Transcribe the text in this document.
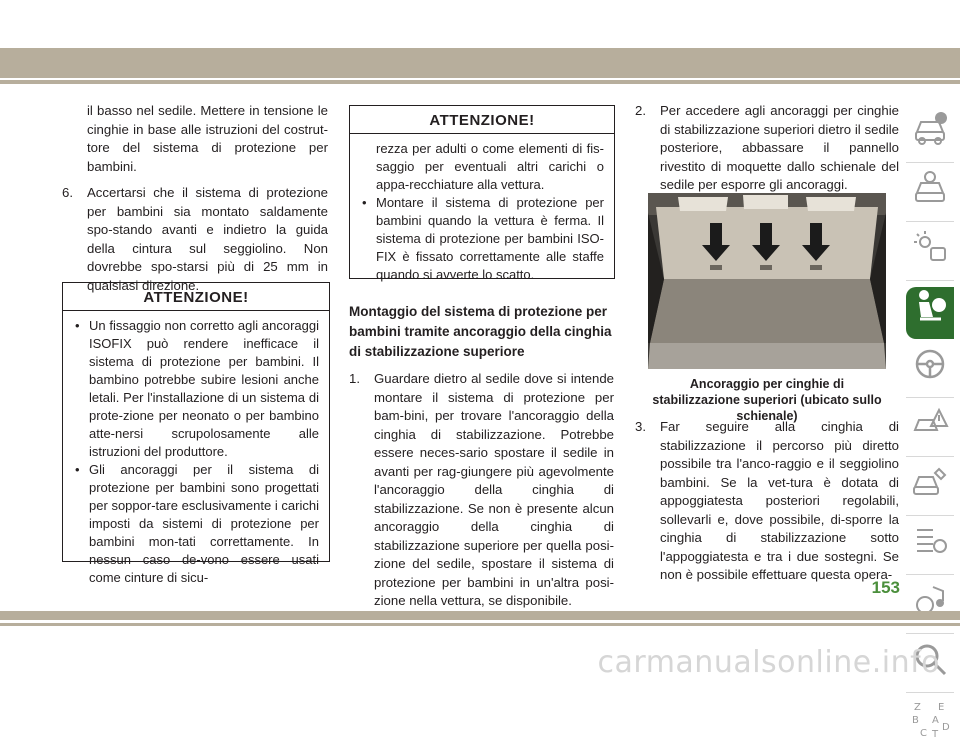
il basso nel sedile. Mettere in tensione le cinghie in base alle istruzioni del costrut-tore del sistema di protezione per bambini.

6. Accertarsi che il sistema di protezione per bambini sia montato saldamente spo-stando avanti e indietro la guida della cintura sul seggiolino. Non dovrebbe spo-starsi più di 25 mm in qualsiasi direzione.
ATTENZIONE!
• Un fissaggio non corretto agli ancoraggi ISOFIX può rendere inefficace il sistema di protezione per bambini. Il bambino potrebbe subire lesioni anche letali. Per l'installazione di un sistema di prote-zione per neonato o per bambino atte-nersi scrupolosamente alle istruzioni del produttore.
• Gli ancoraggi per il sistema di protezione per bambini sono progettati per soppor-tare esclusivamente i carichi imposti da sistemi di protezione per bambini mon-tati correttamente. In nessun caso de-vono essere usati come cinture di sicu-
ATTENZIONE!
rezza per adulti o come elementi di fis-saggio per eventuali altri carichi o appa-recchiature alla vettura.
• Montare il sistema di protezione per bambini quando la vettura è ferma. Il sistema di protezione per bambini ISO-FIX è fissato correttamente alle staffe quando si avverte lo scatto.

Montaggio del sistema di protezione per bambini tramite ancoraggio della cinghia di stabilizzazione superiore

1. Guardare dietro al sedile dove si intende montare il sistema di protezione per bam-bini, per trovare l'ancoraggio della cinghia di stabilizzazione. Potrebbe essere neces-sario spostare il sedile in avanti per rag-giungere più agevolmente l'ancoraggio della cinghia di stabilizzazione. Se non è presente alcun ancoraggio della cinghia di stabilizzazione superiore per quella posi-zione del sedile, spostare il sistema di protezione per bambini in un'altra posi-zione nella vettura, se disponibile.
2. Per accedere agli ancoraggi per cinghie di stabilizzazione superiori dietro il sedile posteriore, abbassare il pannello rivestito di moquette dallo schienale del sedile per esporre gli ancoraggi.
Ancoraggio per cinghie di stabilizzazione superiori (ubicato sullo schienale)
3. Far seguire alla cinghia di stabilizzazione il percorso più diretto possibile tra l'anco-raggio e il seggiolino bambini. Se la vet-tura è dotata di appoggiatesta posteriori regolabili, sollevarli e, dove possibile, di-sporre la cinghia di stabilizzazione sotto l'appoggiatesta e tra i due sostegni. Se non è possibile effettuare questa opera-
Z E
B A
C
D
T
153
carmanualsonline.info
